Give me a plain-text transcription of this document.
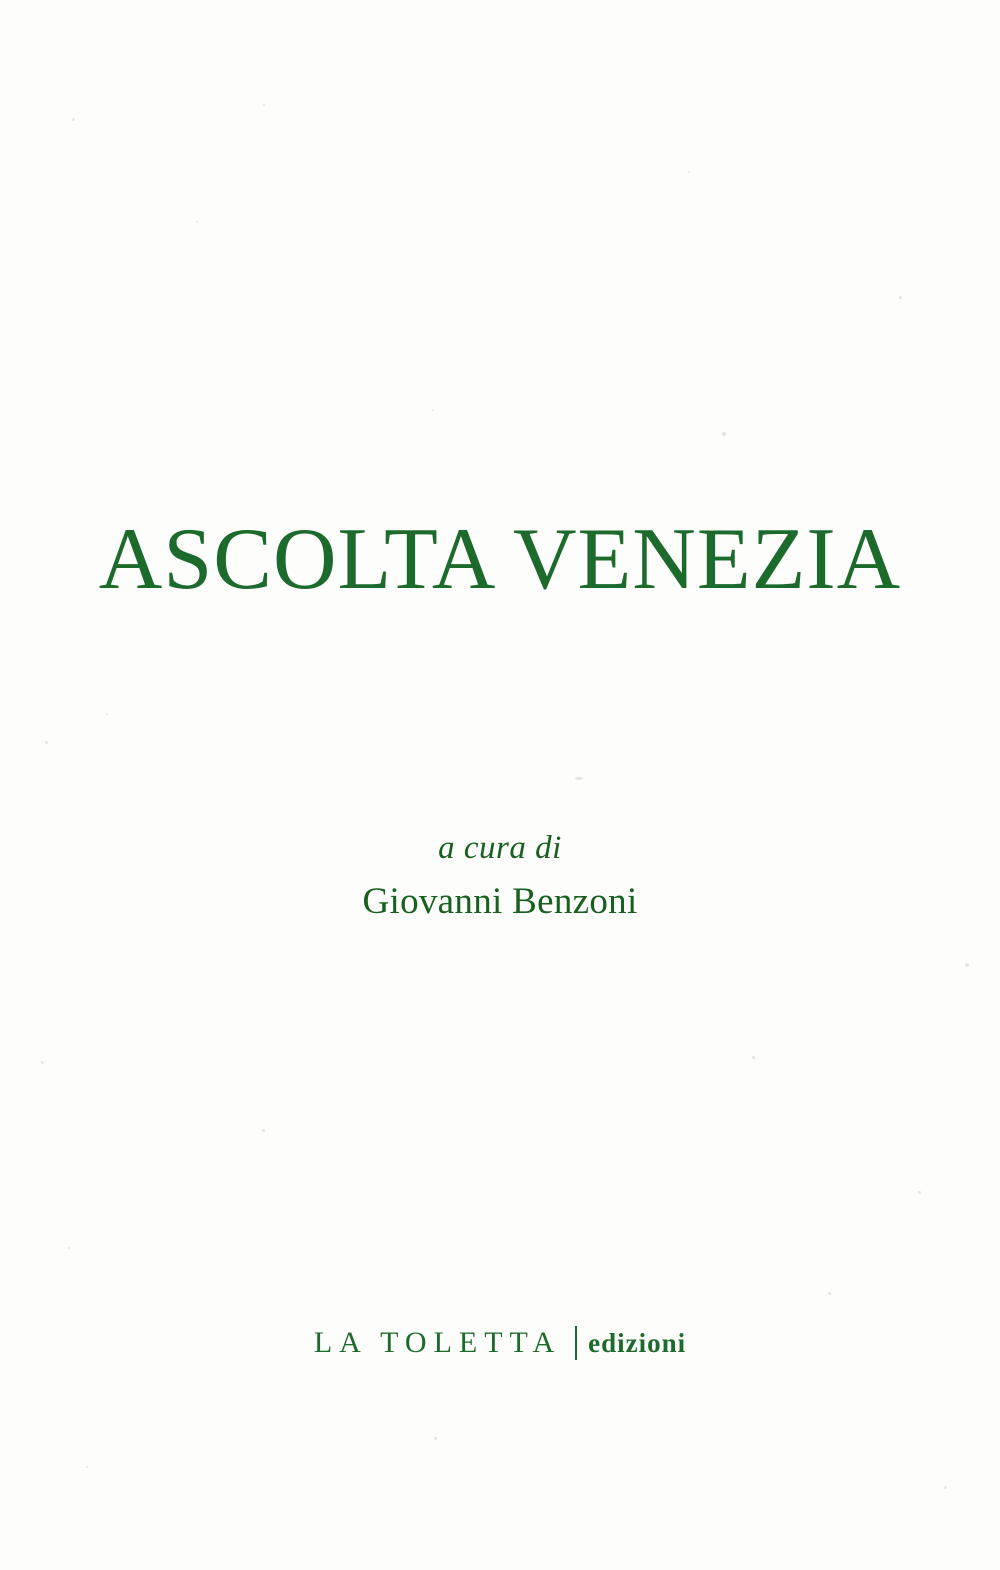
ASCOLTA VENEZIA
a cura di
Giovanni Benzoni
LA TOLETTA edizioni
